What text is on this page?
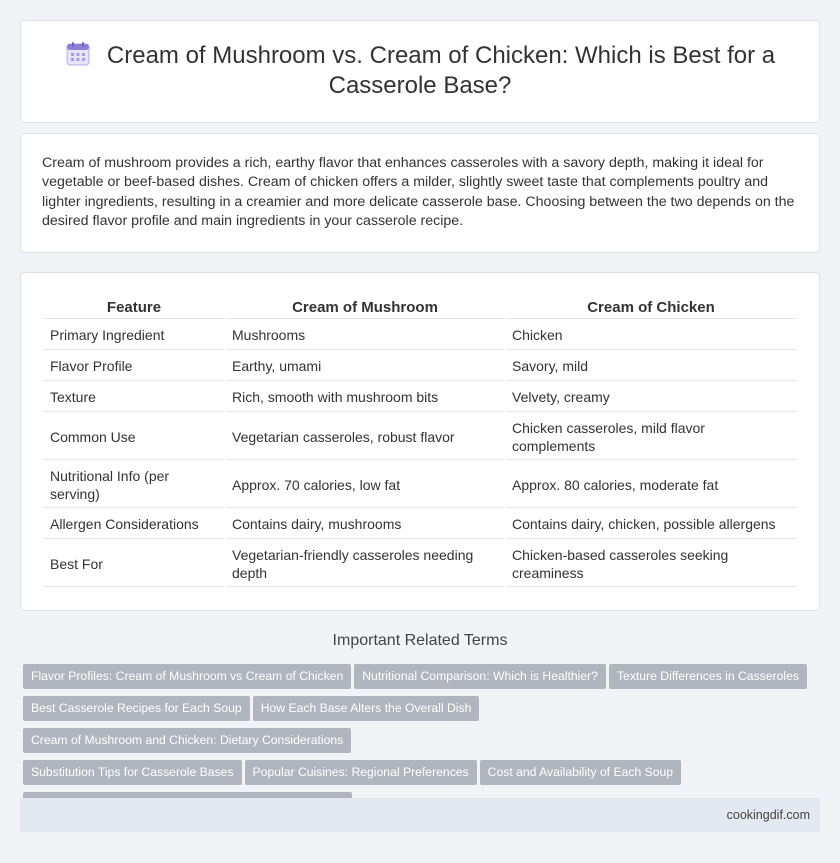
Cream of Mushroom vs. Cream of Chicken: Which is Best for a Casserole Base?

Cream of mushroom provides a rich, earthy flavor that enhances casseroles with a savory depth, making it ideal for vegetable or beef-based dishes. Cream of chicken offers a milder, slightly sweet taste that complements poultry and lighter ingredients, resulting in a creamier and more delicate casserole base. Choosing between the two depends on the desired flavor profile and main ingredients in your casserole recipe.

Feature	Cream of Mushroom	Cream of Chicken
Primary Ingredient	Mushrooms	Chicken
Flavor Profile	Earthy, umami	Savory, mild
Texture	Rich, smooth with mushroom bits	Velvety, creamy
Common Use	Vegetarian casseroles, robust flavor	Chicken casseroles, mild flavor complements
Nutritional Info (per serving)	Approx. 70 calories, low fat	Approx. 80 calories, moderate fat
Allergen Considerations	Contains dairy, mushrooms	Contains dairy, chicken, possible allergens
Best For	Vegetarian-friendly casseroles needing depth	Chicken-based casseroles seeking creaminess
Important Related Terms
Flavor Profiles: Cream of Mushroom vs Cream of Chicken Nutritional Comparison: Which is Healthier? Texture Differences in Casseroles
Best Casserole Recipes for Each Soup How Each Base Alters the Overall DishCream of Mushroom and Chicken: Dietary Considerations
Substitution Tips for Casserole Bases Popular Cuisines: Regional Preferences Cost and Availability of Each Soup

cookingdif.com
